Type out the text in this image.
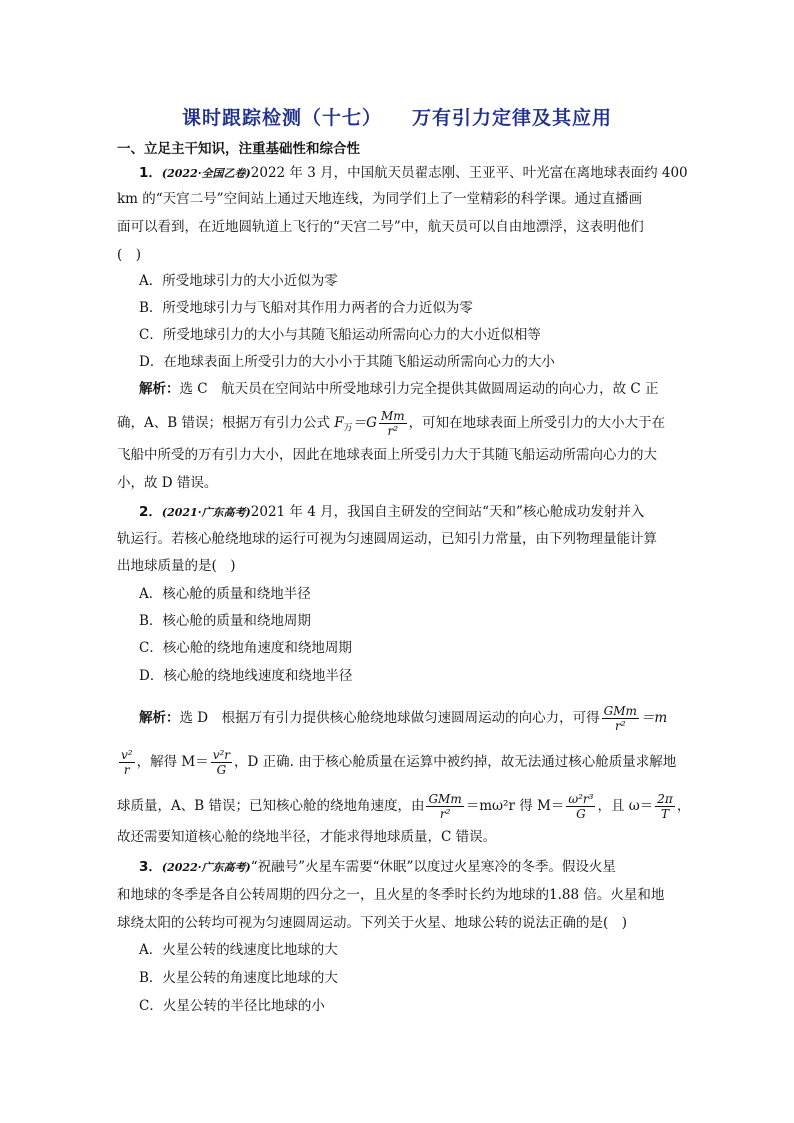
课时跟踪检测（十七） 万有引力定律及其应用
一、立足主干知识，注重基础性和综合性
1．(2022·全国乙卷)2022 年 3 月，中国航天员翟志刚、王亚平、叶光富在离地球表面约 400
km 的“天宫二号”空间站上通过天地连线，为同学们上了一堂精彩的科学课。通过直播画
面可以看到，在近地圆轨道上飞行的“天宫二号”中，航天员可以自由地漂浮，这表明他们
(　)
A．所受地球引力的大小近似为零
B．所受地球引力与飞船对其作用力两者的合力近似为零
C．所受地球引力的大小与其随飞船运动所需向心力的大小近似相等
D．在地球表面上所受引力的大小小于其随飞船运动所需向心力的大小
解析：选 C　航天员在空间站中所受地球引力完全提供其做圆周运动的向心力，故 C 正
确，A、B 错误；根据万有引力公式 $F_万=G \frac{Mm}{\text{r²}}$ ，可知在地球表面上所受引力的大小大于在
飞船中所受的万有引力大小，因此在地球表面上所受引力大于其随飞船运动所需向心力的大
小，故 D 错误。
2．(2021·广东高考)2021 年 4 月，我国自主研发的空间站“天和”核心舱成功发射并入
轨运行。若核心舱绕地球的运行可视为匀速圆周运动，已知引力常量，由下列物理量能计算
出地球质量的是(　)
A．核心舱的质量和绕地半径
B．核心舱的质量和绕地周期
C．核心舱的绕地角速度和绕地周期
D．核心舱的绕地线速度和绕地半径
解析：选 D　根据万有引力提供核心舱绕地球做匀速圆周运动的向心力，可得 $\frac{\text{GMm}}{\text{r²}} =m$
$\frac{\text{v²}}{r}$ ，解得 $M= \frac{\text{v²r}}{G}$ ，D 正确. 由于核心舱质量在运算中被约掉，故无法通过核心舱质量求解地
球质量，A、B 错误；已知核心舱的绕地角速度，由 $\frac{\text{GMm}}{\text{r²}} =m\omega^2r$ 得 $M= \frac{\text{ω²r³}}{G}$ ，且 $\omega= \frac{2\pi}{T}$ ，
故还需要知道核心舱的绕地半径，才能求得地球质量，C 错误。
3．(2022·广东高考)“祝融号”火星车需要“休眠”以度过火星寒冷的冬季。假设火星
和地球的冬季是各自公转周期的四分之一，且火星的冬季时长约为地球的1.88 倍。火星和地
球绕太阳的公转均可视为匀速圆周运动。下列关于火星、地球公转的说法正确的是(　)
A．火星公转的线速度比地球的大
B．火星公转的角速度比地球的大
C．火星公转的半径比地球的小
